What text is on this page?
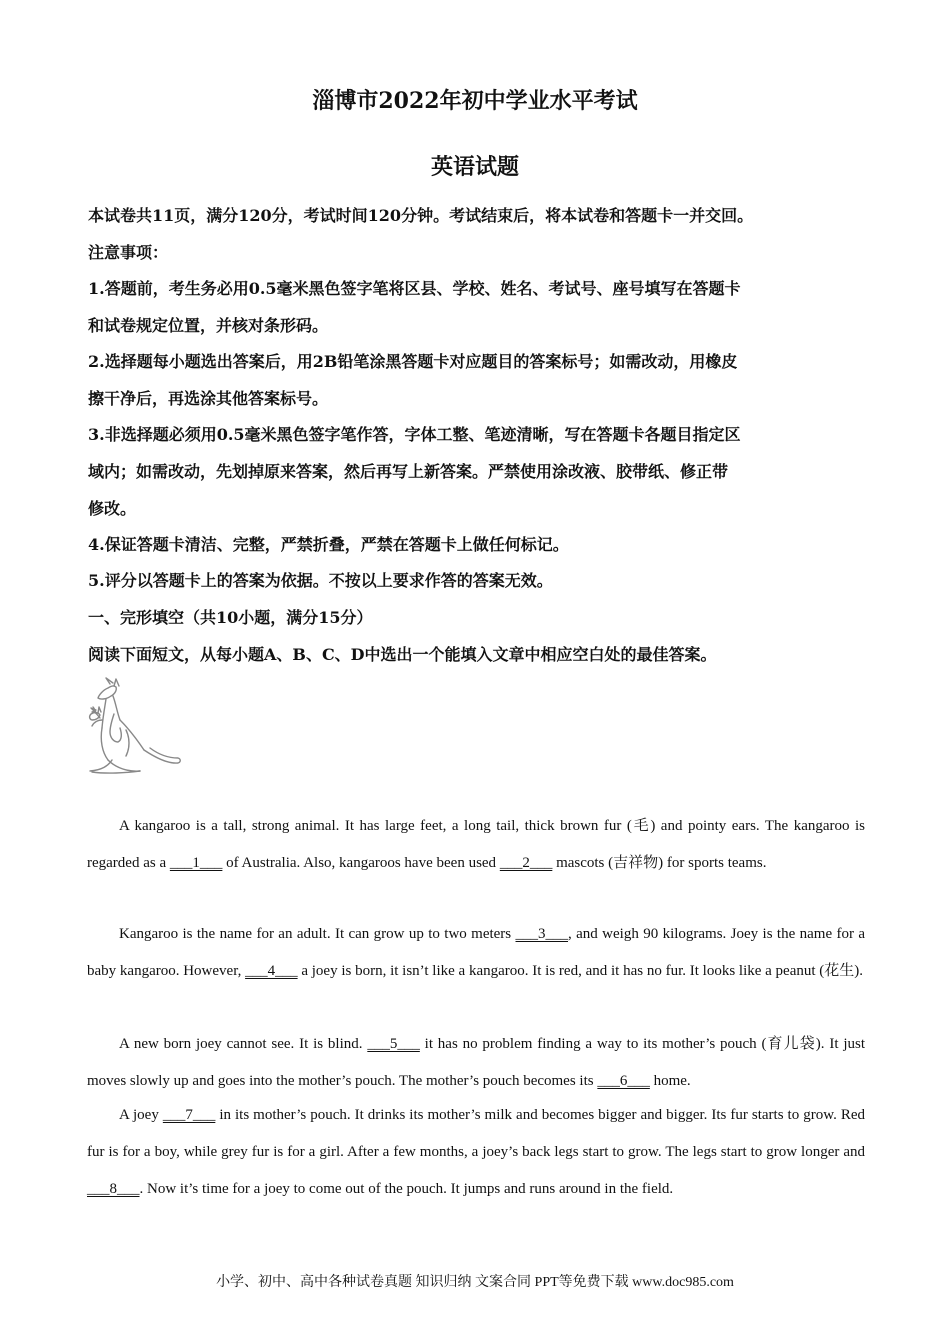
淄博市2022年初中学业水平考试
英语试题
本试卷共11页，满分120分，考试时间120分钟。考试结束后，将本试卷和答题卡一并交回。
注意事项：
1.答题前，考生务必用0.5毫米黑色签字笔将区县、学校、姓名、考试号、座号填写在答题卡
和试卷规定位置，并核对条形码。
2.选择题每小题选出答案后，用2B铅笔涂黑答题卡对应题目的答案标号；如需改动，用橡皮
擦干净后，再选涂其他答案标号。
3.非选择题必须用0.5毫米黑色签字笔作答，字体工整、笔迹清晰，写在答题卡各题目指定区
域内；如需改动，先划掉原来答案，然后再写上新答案。严禁使用涂改液、胶带纸、修正带
修改。
4.保证答题卡清洁、完整，严禁折叠，严禁在答题卡上做任何标记。
5.评分以答题卡上的答案为依据。不按以上要求作答的答案无效。
一、完形填空（共10小题，满分15分）
阅读下面短文，从每小题A、B、C、D中选出一个能填入文章中相应空白处的最佳答案。
A kangaroo is a tall, strong animal. It has large feet, a long tail, thick brown fur (毛) and pointy ears. The kangaroo is regarded as a ___1___ of Australia. Also, kangaroos have been used ___2___ mascots (吉祥物) for sports teams.
Kangaroo is the name for an adult. It can grow up to two meters ___3___, and weigh 90 kilograms. Joey is the name for a baby kangaroo. However, ___4___ a joey is born, it isn’t like a kangaroo. It is red, and it has no fur. It looks like a peanut (花生).
A new born joey cannot see. It is blind. ___5___ it has no problem finding a way to its mother’s pouch (育儿袋). It just moves slowly up and goes into the mother’s pouch. The mother’s pouch becomes its ___6___ home.
A joey ___7___ in its mother’s pouch. It drinks its mother’s milk and becomes bigger and bigger. Its fur starts to grow. Red fur is for a boy, while grey fur is for a girl. After a few months, a joey’s back legs start to grow. The legs start to grow longer and ___8___. Now it’s time for a joey to come out of the pouch. It jumps and runs around in the field.
小学、初中、高中各种试卷真题 知识归纳 文案合同 PPT等免费下载 www.doc985.com
